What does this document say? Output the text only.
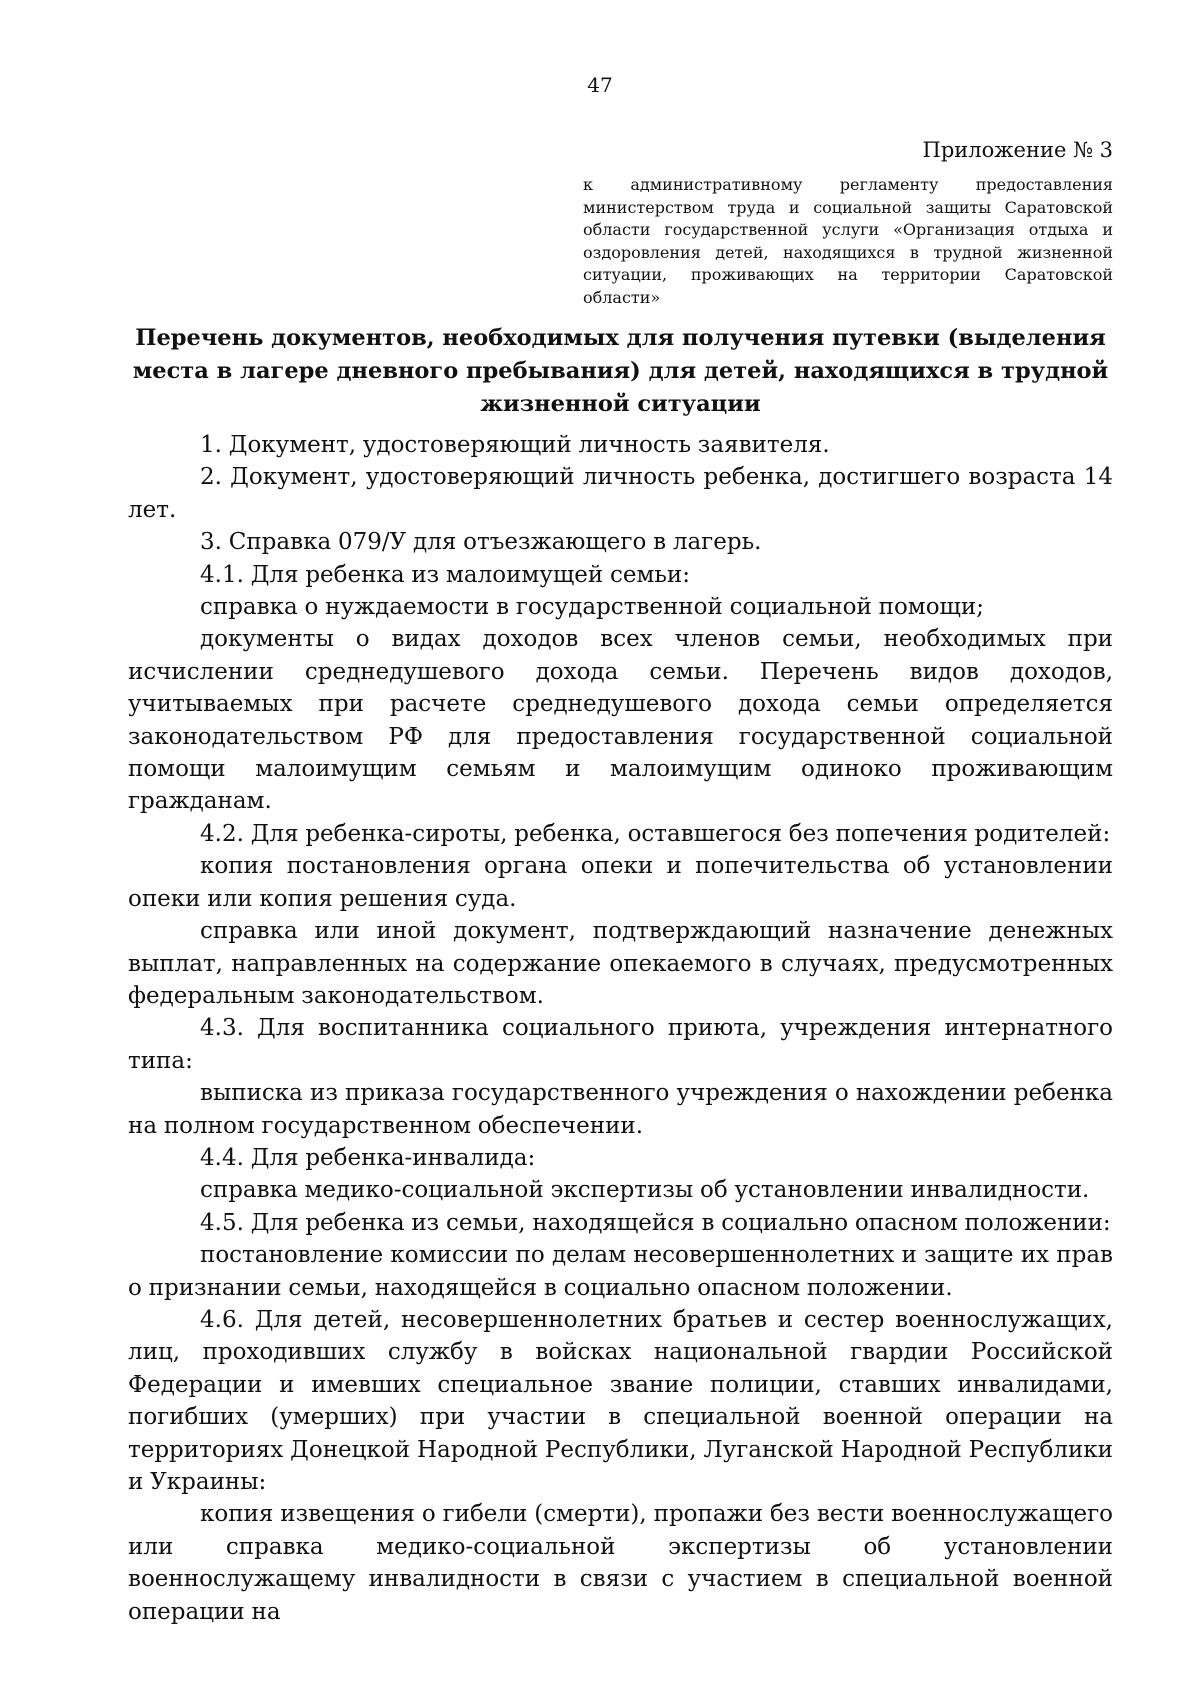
47
Приложение № 3
к административному регламенту предоставления министерством труда и социальной защиты Саратовской области государственной услуги «Организация отдыха и оздоровления детей, находящихся в трудной жизненной ситуации, проживающих на территории Саратовской области»
Перечень документов, необходимых для получения путевки (выделения места в лагере дневного пребывания) для детей, находящихся в трудной жизненной ситуации

1. Документ, удостоверяющий личность заявителя.

2. Документ, удостоверяющий личность ребенка, достигшего возраста 14 лет.

3. Справка 079/У для отъезжающего в лагерь.

4.1. Для ребенка из малоимущей семьи:

справка о нуждаемости в государственной социальной помощи;

документы о видах доходов всех членов семьи, необходимых при исчислении среднедушевого дохода семьи. Перечень видов доходов, учитываемых при расчете среднедушевого дохода семьи определяется законодательством РФ для предоставления государственной социальной помощи малоимущим семьям и малоимущим одиноко проживающим гражданам.

4.2. Для ребенка-сироты, ребенка, оставшегося без попечения родителей:

копия постановления органа опеки и попечительства об установлении опеки или копия решения суда.

справка или иной документ, подтверждающий назначение денежных выплат, направленных на содержание опекаемого в случаях, предусмотренных федеральным законодательством.

4.3. Для воспитанника социального приюта, учреждения интернатного типа:

выписка из приказа государственного учреждения о нахождении ребенка на полном государственном обеспечении.

4.4. Для ребенка-инвалида:

справка медико-социальной экспертизы об установлении инвалидности.

4.5. Для ребенка из семьи, находящейся в социально опасном положении:

постановление комиссии по делам несовершеннолетних и защите их прав о признании семьи, находящейся в социально опасном положении.

4.6. Для детей, несовершеннолетних братьев и сестер военнослужащих, лиц, проходивших службу в войсках национальной гвардии Российской Федерации и имевших специальное звание полиции, ставших инвалидами, погибших (умерших) при участии в специальной военной операции на территориях Донецкой Народной Республики, Луганской Народной Республики и Украины:

копия извещения о гибели (смерти), пропажи без вести военнослужащего или справка медико-социальной экспертизы об установлении военнослужащему инвалидности в связи с участием в специальной военной операции на
